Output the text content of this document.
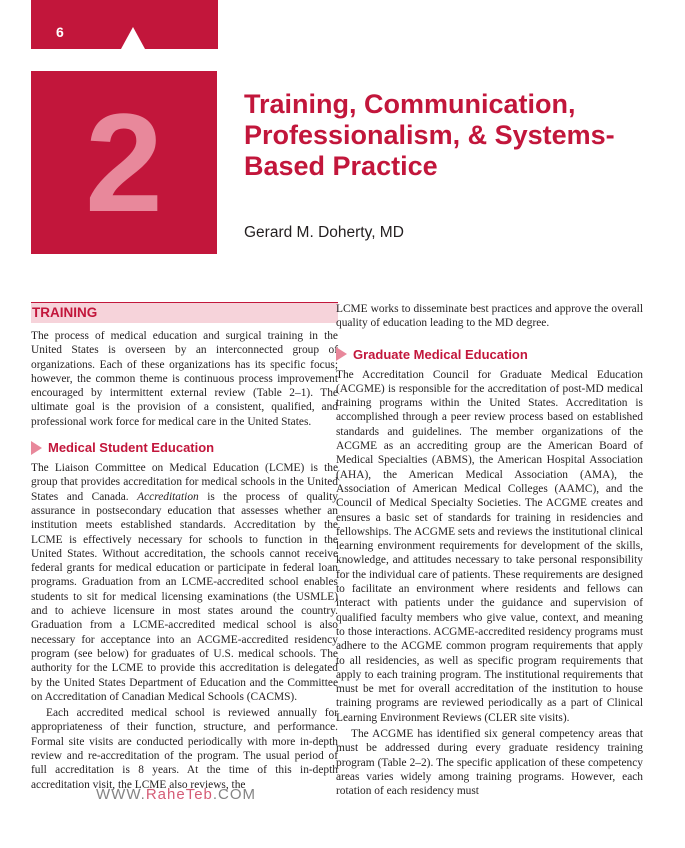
6
2	Training, Communication, Professionalism, & Systems-Based Practice
Gerard M. Doherty, MD
TRAINING

The process of medical education and surgical training in the United States is overseen by an interconnected group of organizations. Each of these organizations has its specific focus; however, the common theme is continuous process improvement encouraged by intermittent external review (Table 2–1). The ultimate goal is the provision of a consistent, qualified, and professional work force for medical care in the United States.

Medical Student Education

The Liaison Committee on Medical Education (LCME) is the group that provides accreditation for medical schools in the United States and Canada. Accreditation is the process of quality assurance in postsecondary education that assesses whether an institution meets established standards. Accreditation by the LCME is effectively necessary for schools to function in the United States. Without accreditation, the schools cannot receive federal grants for medical education or participate in federal loan programs. Graduation from an LCME-accredited school enables students to sit for medical licensing examinations (the USMLE) and to achieve licensure in most states around the country. Graduation from a LCME-accredited medical school is also necessary for acceptance into an ACGME-accredited residency program (see below) for graduates of U.S. medical schools. The authority for the LCME to provide this accreditation is delegated by the United States Department of Education and the Committee on Accreditation of Canadian Medical Schools (CACMS).

Each accredited medical school is reviewed annually for appropriateness of their function, structure, and performance. Formal site visits are conducted periodically with more in-depth review and re-accreditation of the program. The usual period of full accreditation is 8 years. At the time of this in-depth accreditation visit, the LCME also reviews, the

LCME works to disseminate best practices and approve the overall quality of education leading to the MD degree.

Graduate Medical Education

The Accreditation Council for Graduate Medical Education (ACGME) is responsible for the accreditation of post-MD medical training programs within the United States. Accreditation is accomplished through a peer review process based on established standards and guidelines. The member organizations of the ACGME as an accrediting group are the American Board of Medical Specialties (ABMS), the American Hospital Association (AHA), the American Medical Association (AMA), the Association of American Medical Colleges (AAMC), and the Council of Medical Specialty Societies. The ACGME creates and ensures a basic set of standards for training in residencies and fellowships. The ACGME sets and reviews the institutional clinical learning environment requirements for development of the skills, knowledge, and attitudes necessary to take personal responsibility for the individual care of patients. These requirements are designed to facilitate an environment where residents and fellows can interact with patients under the guidance and supervision of qualified faculty members who give value, context, and meaning to those interactions. ACGME-accredited residency programs must adhere to the ACGME common program requirements that apply to all residencies, as well as specific program requirements that apply to each training program. The institutional requirements that must be met for overall accreditation of the institution to house training programs are reviewed periodically as a part of Clinical Learning Environment Reviews (CLER site visits).

The ACGME has identified six general competency areas that must be addressed during every graduate residency training program (Table 2–2). The specific application of these competency areas varies widely among training programs. However, each rotation of each residency must

WWW.RaheTeb.COM
